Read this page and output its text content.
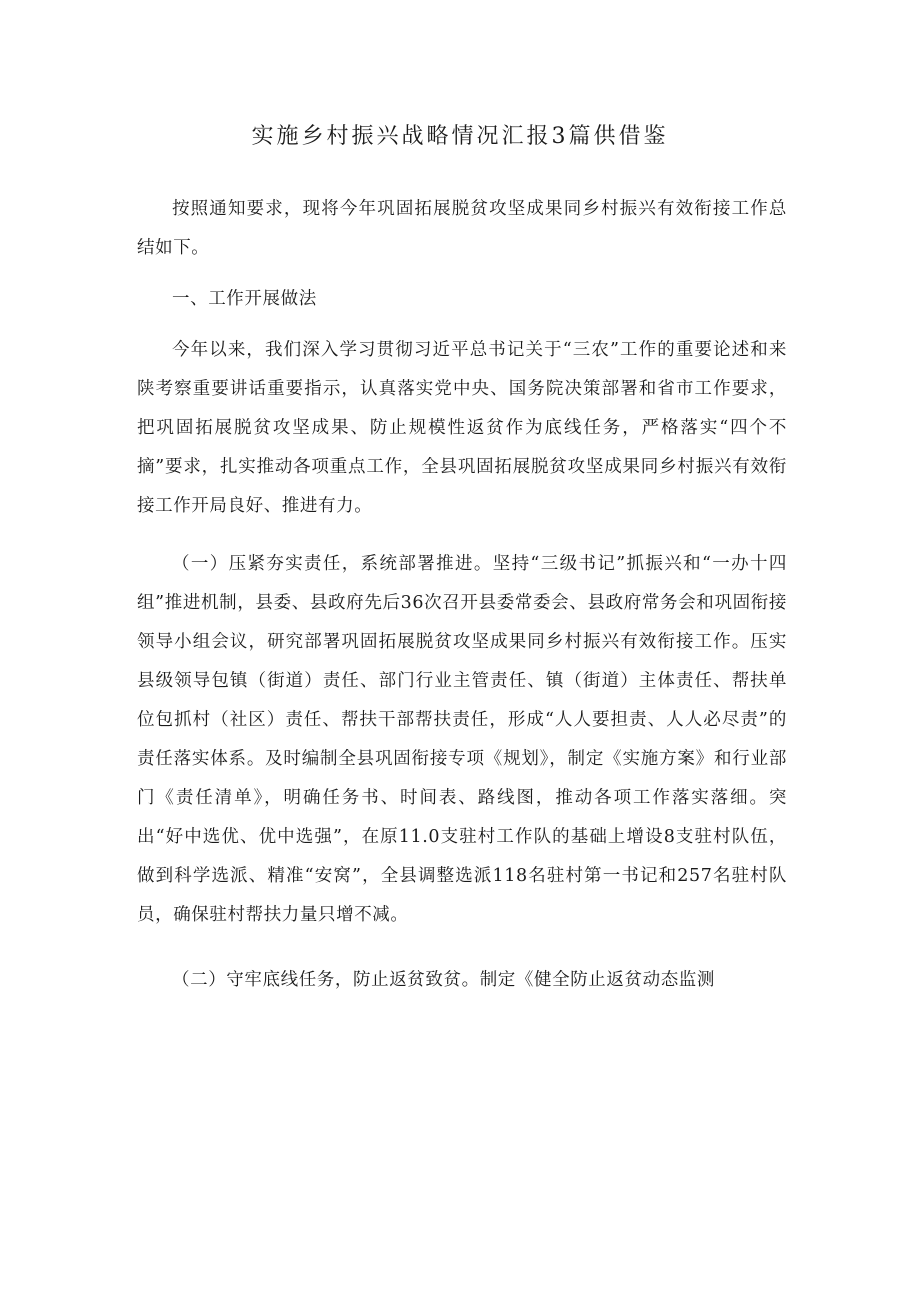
实施乡村振兴战略情况汇报3篇供借鉴

按照通知要求，现将今年巩固拓展脱贫攻坚成果同乡村振兴有效衔接工作总结如下。

一、工作开展做法

今年以来，我们深入学习贯彻习近平总书记关于“三农”工作的重要论述和来陕考察重要讲话重要指示，认真落实党中央、国务院决策部署和省市工作要求，把巩固拓展脱贫攻坚成果、防止规模性返贫作为底线任务，严格落实“四个不摘”要求，扎实推动各项重点工作，全县巩固拓展脱贫攻坚成果同乡村振兴有效衔接工作开局良好、推进有力。

（一）压紧夯实责任，系统部署推进。坚持“三级书记”抓振兴和“一办十四组”推进机制，县委、县政府先后36次召开县委常委会、县政府常务会和巩固衔接领导小组会议，研究部署巩固拓展脱贫攻坚成果同乡村振兴有效衔接工作。压实县级领导包镇（街道）责任、部门行业主管责任、镇（街道）主体责任、帮扶单位包抓村（社区）责任、帮扶干部帮扶责任，形成“人人要担责、人人必尽责”的责任落实体系。及时编制全县巩固衔接专项《规划》，制定《实施方案》和行业部门《责任清单》，明确任务书、时间表、路线图，推动各项工作落实落细。突出“好中选优、优中选强”，在原11.0支驻村工作队的基础上增设8支驻村队伍，做到科学选派、精准“安窝”，全县调整选派118名驻村第一书记和257名驻村队员，确保驻村帮扶力量只增不减。

（二）守牢底线任务，防止返贫致贫。制定《健全防止返贫动态监测
